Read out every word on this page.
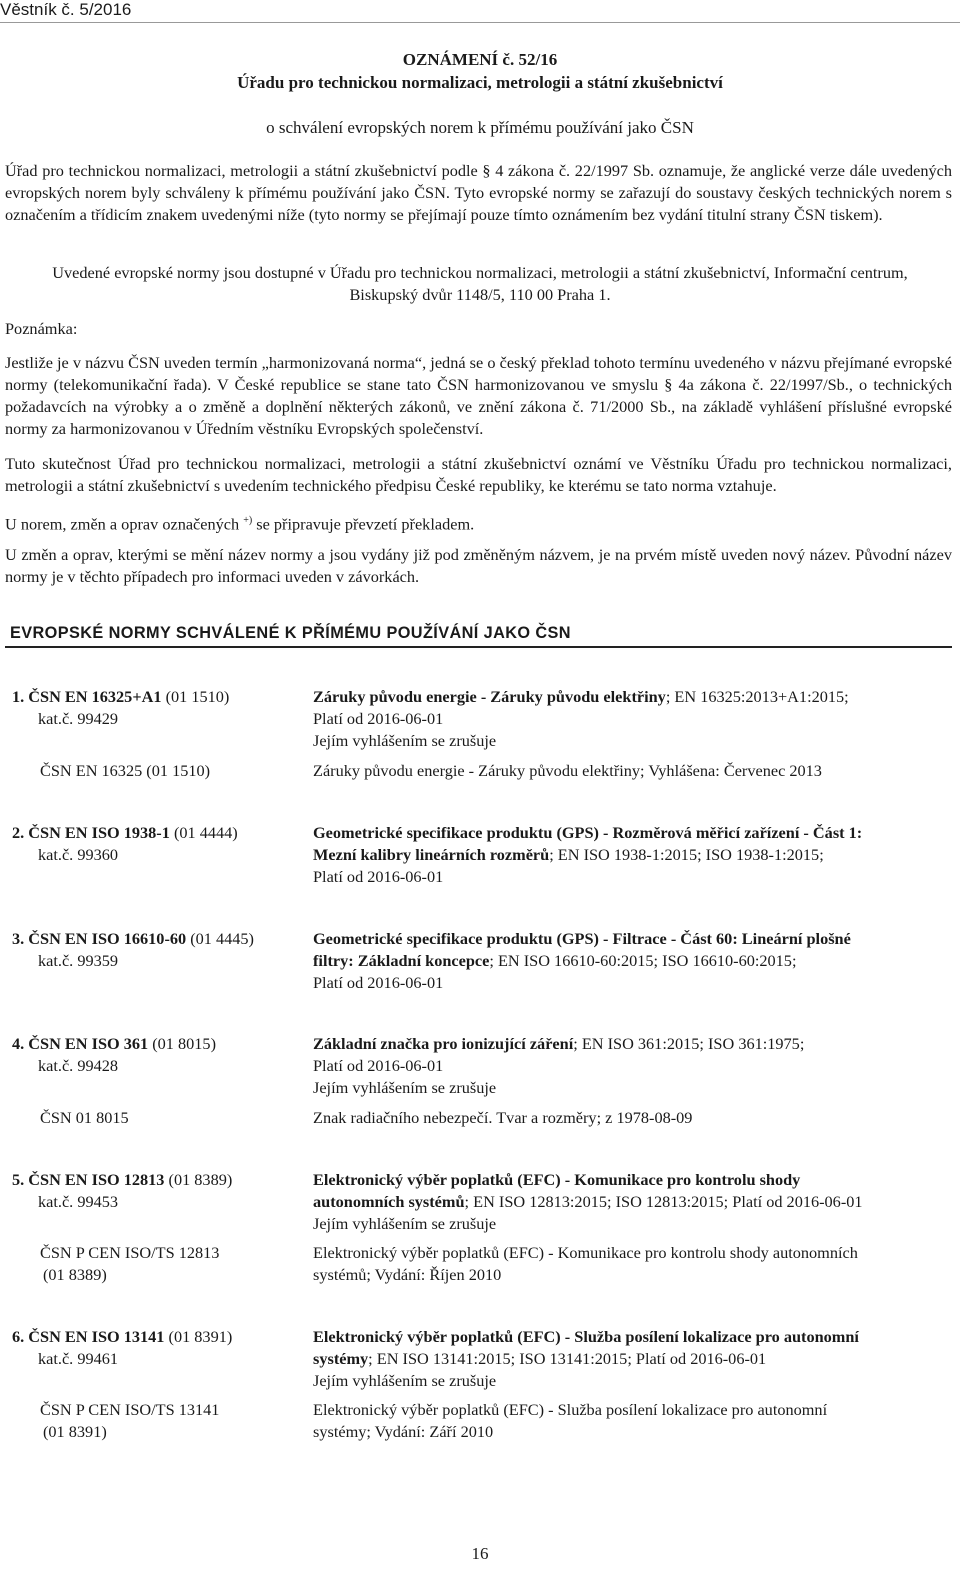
Věstník č. 5/2016
OZNÁMENÍ č. 52/16
Úřadu pro technickou normalizaci, metrologii a státní zkušebnictví
o schválení evropských norem k přímému používání jako ČSN
Úřad pro technickou normalizaci, metrologii a státní zkušebnictví podle § 4 zákona č. 22/1997 Sb. oznamuje, že anglické verze dále uvedených evropských norem byly schváleny k přímému používání jako ČSN. Tyto evropské normy se zařazují do soustavy českých technických norem s označením a třídicím znakem uvedenými níže (tyto normy se přejímají pouze tímto oznámením bez vydání titulní strany ČSN tiskem).
Uvedené evropské normy jsou dostupné v Úřadu pro technickou normalizaci, metrologii a státní zkušebnictví, Informační centrum, Biskupský dvůr 1148/5, 110 00 Praha 1.
Poznámka:
Jestliže je v názvu ČSN uveden termín „harmonizovaná norma“, jedná se o český překlad tohoto termínu uvedeného v názvu přejímané evropské normy (telekomunikační řada). V České republice se stane tato ČSN harmonizovanou ve smyslu § 4a zákona č. 22/1997/Sb., o technických požadavcích na výrobky a o změně a doplnění některých zákonů, ve znění zákona č. 71/2000 Sb., na základě vyhlášení příslušné evropské normy za harmonizovanou v Úředním věstníku Evropských společenství.
Tuto skutečnost Úřad pro technickou normalizaci, metrologii a státní zkušebnictví oznámí ve Věstníku Úřadu pro technickou normalizaci, metrologii a státní zkušebnictví s uvedením technického předpisu České republiky, ke kterému se tato norma vztahuje.
U norem, změn a oprav označených +) se připravuje převzetí překladem.
U změn a oprav, kterými se mění název normy a jsou vydány již pod změněným názvem, je na prvém místě uveden nový název. Původní název normy je v těchto případech pro informaci uveden v závorkách.
EVROPSKÉ NORMY SCHVÁLENÉ K PŘÍMÉMU POUŽÍVÁNÍ JAKO ČSN
1. ČSN EN 16325+A1 (01 1510)
kat.č. 99429
Záruky původu energie - Záruky původu elektřiny; EN 16325:2013+A1:2015;
Platí od 2016-06-01
Jejím vyhlášením se zrušuje
ČSN EN 16325 (01 1510)	Záruky původu energie - Záruky původu elektřiny; Vyhlášena: Červenec 2013
2. ČSN EN ISO 1938-1 (01 4444)
kat.č. 99360
Geometrické specifikace produktu (GPS) - Rozměrová měřicí zařízení - Část 1:
Mezní kalibry lineárních rozměrů; EN ISO 1938-1:2015; ISO 1938-1:2015;
Platí od 2016-06-01
3. ČSN EN ISO 16610-60 (01 4445)
kat.č. 99359
Geometrické specifikace produktu (GPS) - Filtrace - Část 60: Lineární plošné
filtry: Základní koncepce; EN ISO 16610-60:2015; ISO 16610-60:2015;
Platí od 2016-06-01
4. ČSN EN ISO 361 (01 8015)
kat.č. 99428
Základní značka pro ionizující záření; EN ISO 361:2015; ISO 361:1975;
Platí od 2016-06-01
Jejím vyhlášením se zrušuje
ČSN 01 8015	Znak radiačního nebezpečí. Tvar a rozměry; z 1978-08-09
5. ČSN EN ISO 12813 (01 8389)
kat.č. 99453
Elektronický výběr poplatků (EFC) - Komunikace pro kontrolu shody
autonomních systémů; EN ISO 12813:2015; ISO 12813:2015; Platí od 2016-06-01
Jejím vyhlášením se zrušuje
ČSN P CEN ISO/TS 12813
(01 8389)
Elektronický výběr poplatků (EFC) - Komunikace pro kontrolu shody autonomních
systémů; Vydání: Říjen 2010
6. ČSN EN ISO 13141 (01 8391)
kat.č. 99461
Elektronický výběr poplatků (EFC) - Služba posílení lokalizace pro autonomní
systémy; EN ISO 13141:2015; ISO 13141:2015; Platí od 2016-06-01
Jejím vyhlášením se zrušuje
ČSN P CEN ISO/TS 13141
(01 8391)
Elektronický výběr poplatků (EFC) - Služba posílení lokalizace pro autonomní
systémy; Vydání: Září 2010
16
